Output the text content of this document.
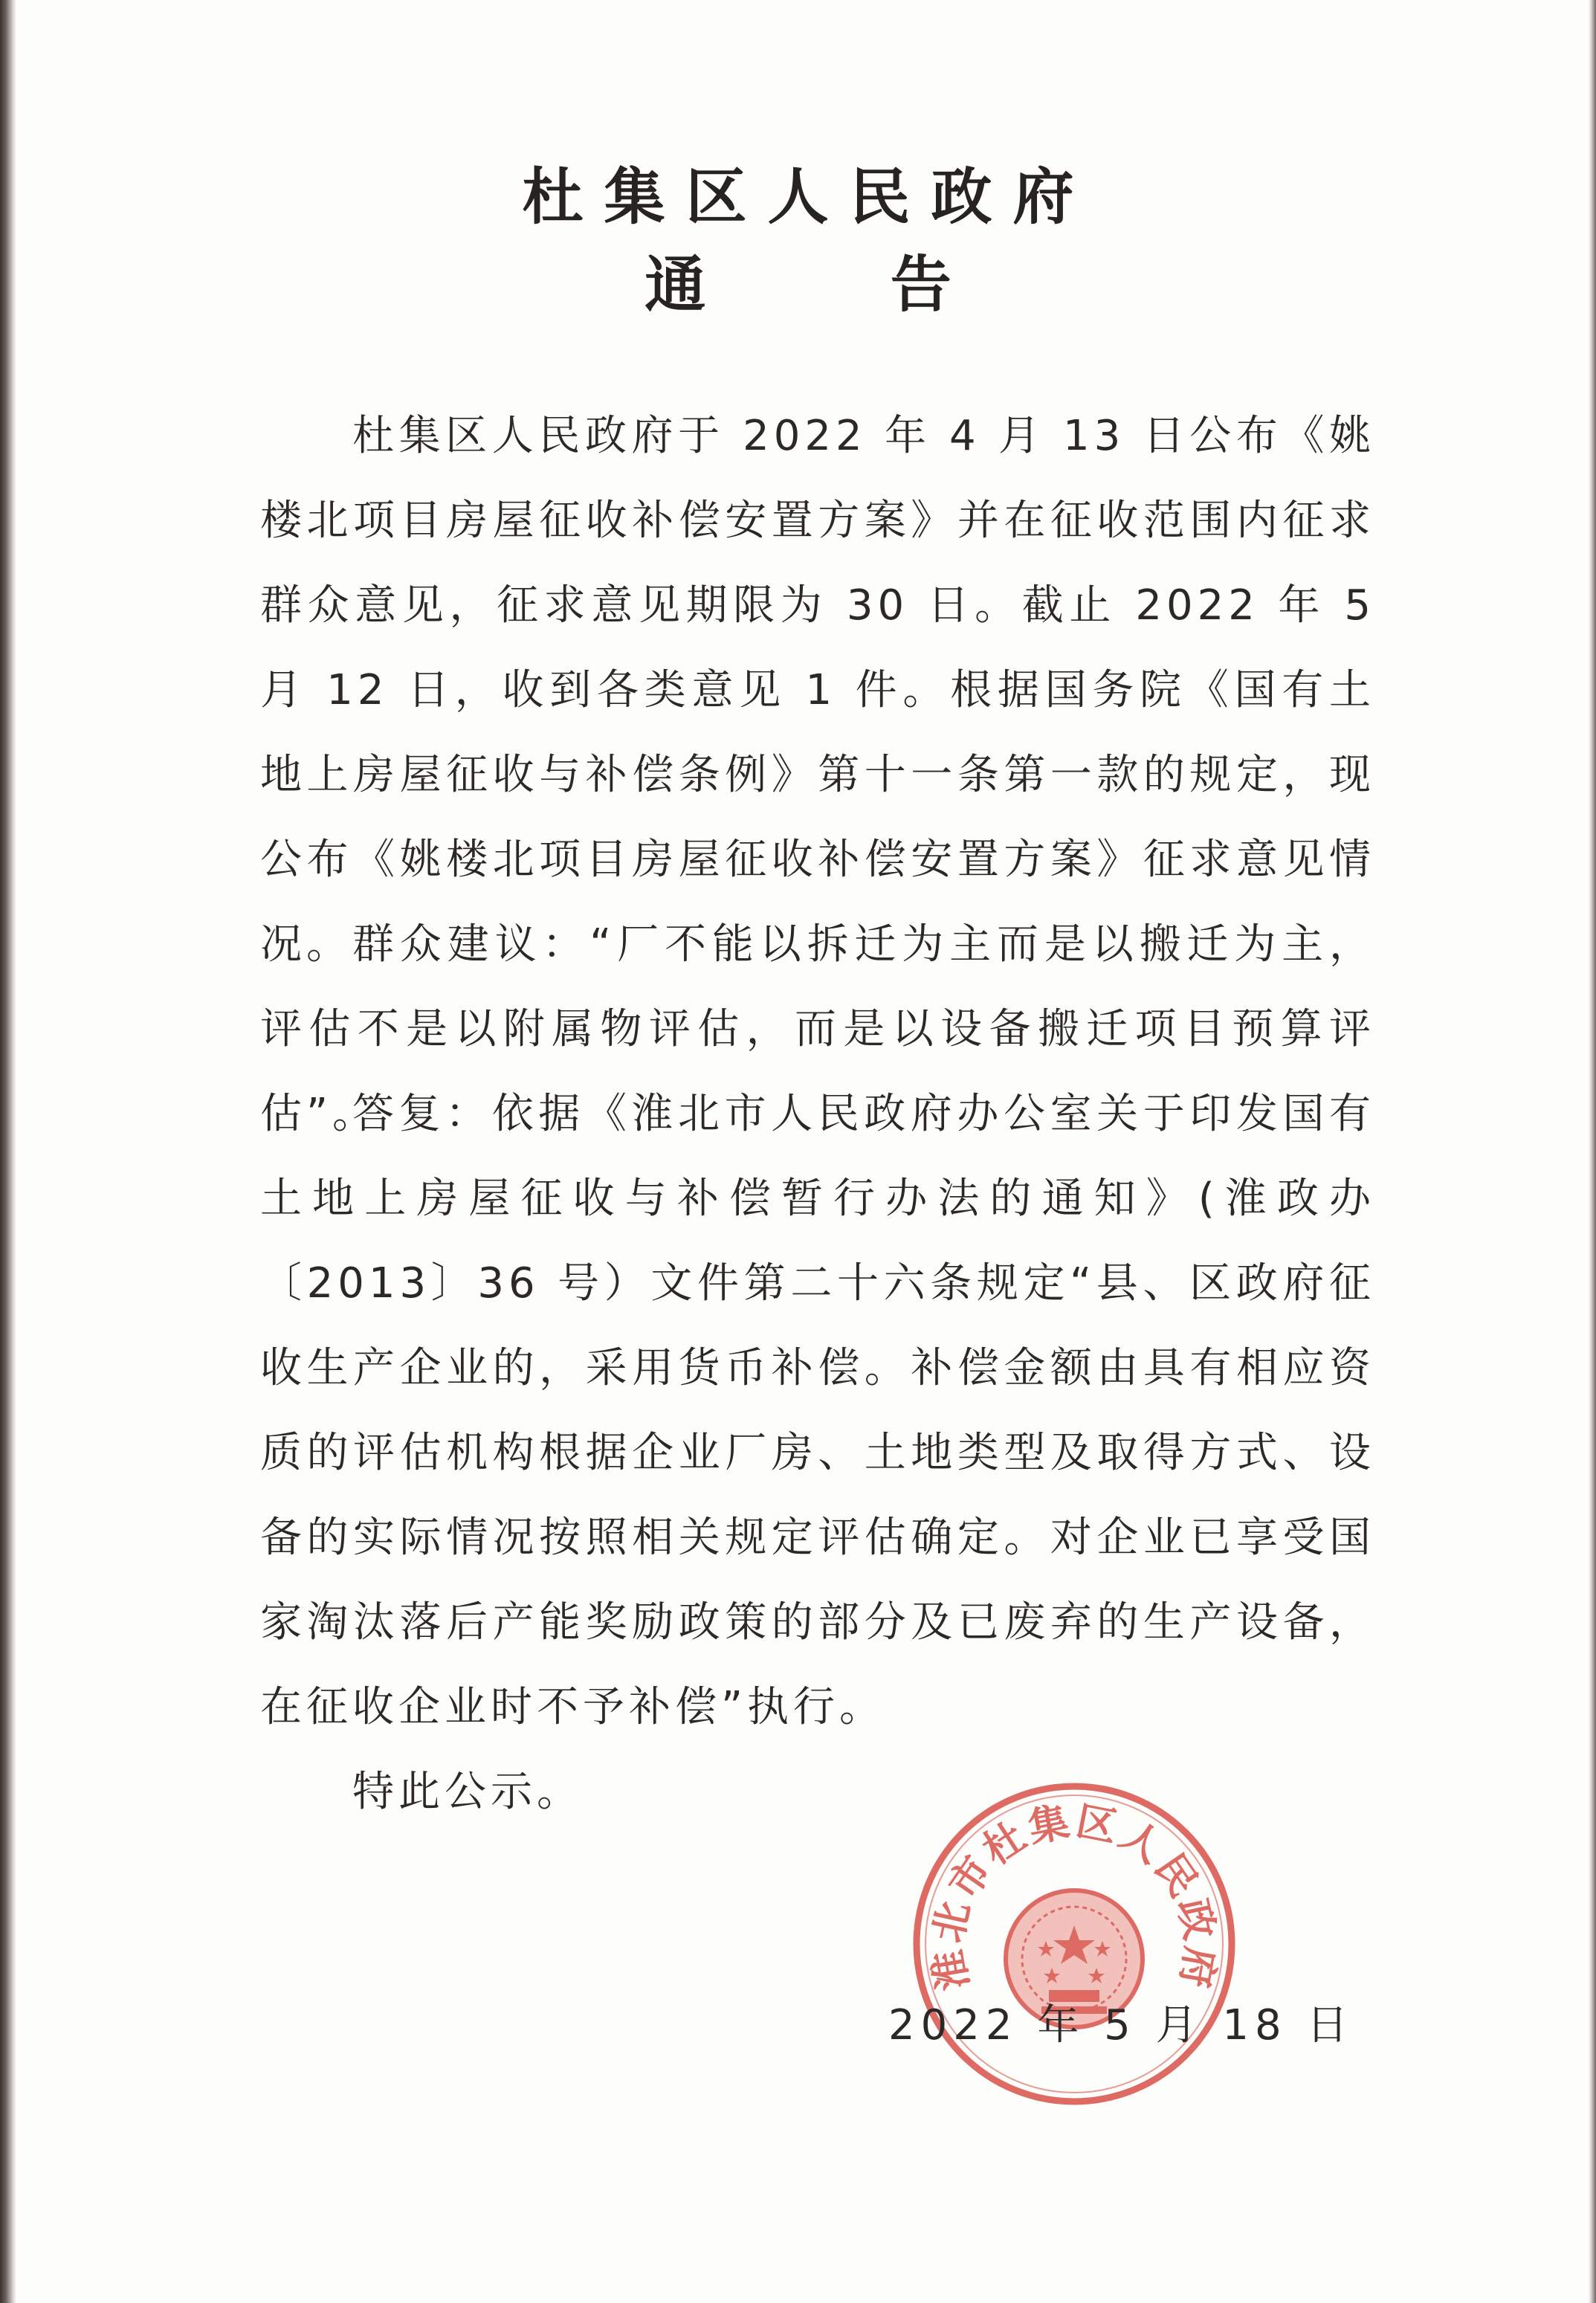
杜集区人民政府
通 告

杜集区人民政府于 2022 年 4 月 13 日公布《姚楼北项目房屋征收补偿安置方案》并在征收范围内征求群众意见，征求意见期限为 30 日。截止 2022 年 5 月 12 日，收到各类意见 1 件。根据国务院《国有土地上房屋征收与补偿条例》第十一条第一款的规定，现公布《姚楼北项目房屋征收补偿安置方案》征求意见情况。 群众建议：“厂不能以拆迁为主而是以搬迁为主，评估不是以附属物评估，而是以设备搬迁项目预算评估”。

答复：依据《淮北市人民政府办公室关于印发国有土地上房屋征收与补偿暂行办法的通知》(淮政办〔2013〕36 号）文件第二十六条规定“县、区政府征收生产企业的，采用货币补偿。补偿金额由具有相应资质的评估机构根据企业厂房、土地类型及取得方式、设备的实际情况按照相关规定评估确定。对企业已享受国家淘汰落后产能奖励政策的部分及已废弃的生产设备，在征收企业时不予补偿”执行。

特此公示。

淮北市杜集区人民政府

2022 年 5 月 18 日
